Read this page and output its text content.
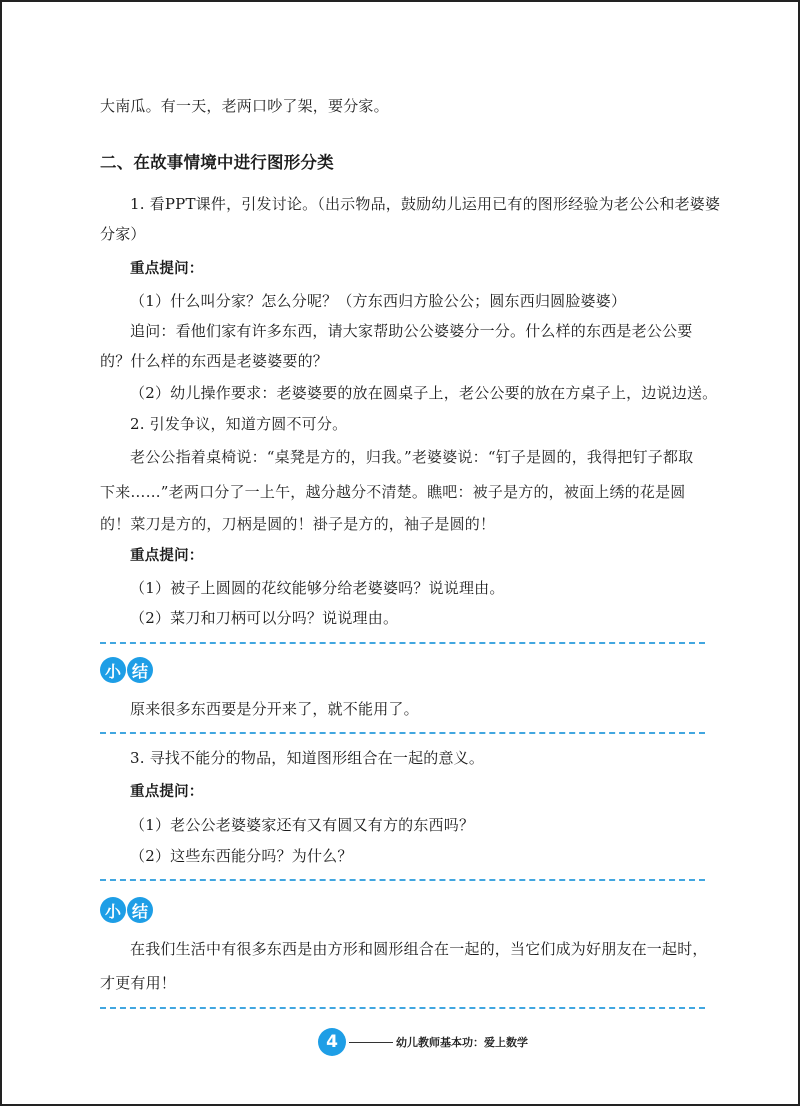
大南瓜。有一天，老两口吵了架，要分家。
二、在故事情境中进行图形分类
1. 看PPT课件，引发讨论。（出示物品，鼓励幼儿运用已有的图形经验为老公公和老婆婆
分家）
重点提问：
（1）什么叫分家？怎么分呢？（方东西归方脸公公；圆东西归圆脸婆婆）
追问：看他们家有许多东西，请大家帮助公公婆婆分一分。什么样的东西是老公公要
的？什么样的东西是老婆婆要的？
（2）幼儿操作要求：老婆婆要的放在圆桌子上，老公公要的放在方桌子上，边说边送。
2. 引发争议，知道方圆不可分。
老公公指着桌椅说：“桌凳是方的，归我。”老婆婆说：“钉子是圆的，我得把钉子都取
下来……”老两口分了一上午，越分越分不清楚。瞧吧：被子是方的，被面上绣的花是圆
的！菜刀是方的，刀柄是圆的！褂子是方的，袖子是圆的！
重点提问：
（1）被子上圆圆的花纹能够分给老婆婆吗？说说理由。
（2）菜刀和刀柄可以分吗？说说理由。
小 结
原来很多东西要是分开来了，就不能用了。
3. 寻找不能分的物品，知道图形组合在一起的意义。
重点提问：
（1）老公公老婆婆家还有又有圆又有方的东西吗？
（2）这些东西能分吗？为什么？
小 结
在我们生活中有很多东西是由方形和圆形组合在一起的，当它们成为好朋友在一起时，
才更有用！
4	幼儿教师基本功：爱上数学
